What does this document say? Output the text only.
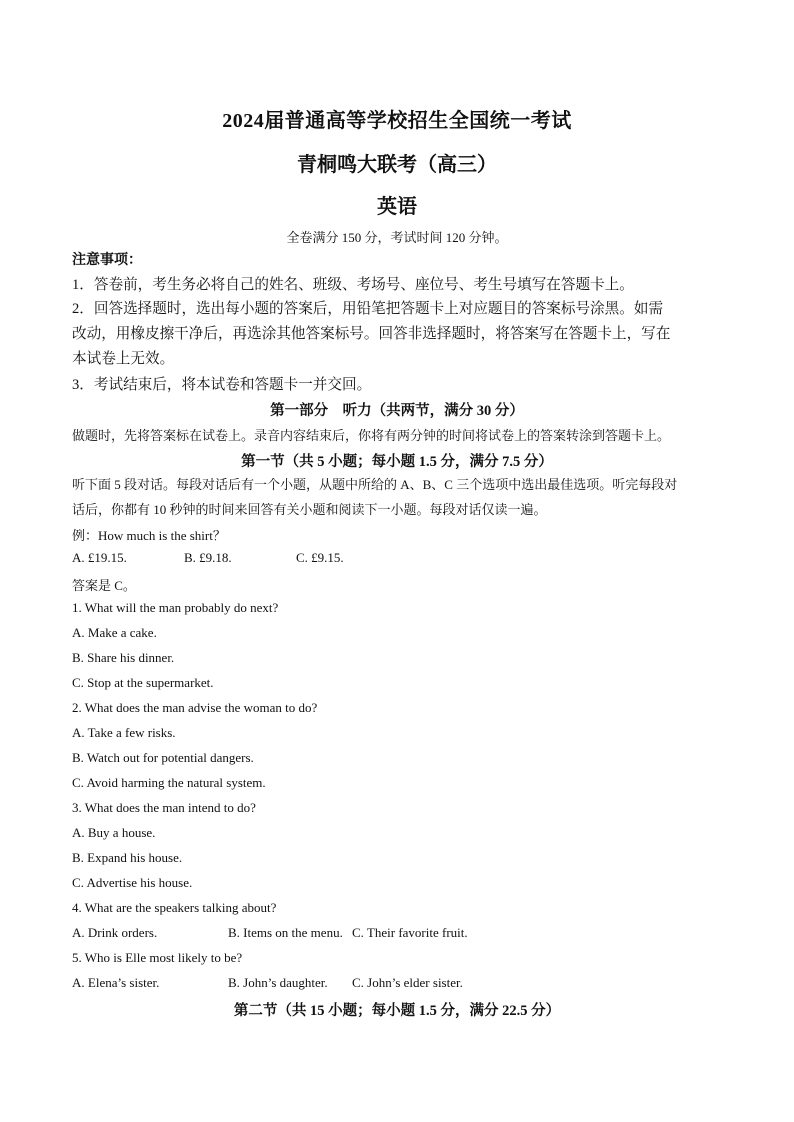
2024届普通高等学校招生全国统一考试
青桐鸣大联考（高三）
英语
全卷满分 150 分，考试时间 120 分钟。
注意事项：
1．答卷前，考生务必将自己的姓名、班级、考场号、座位号、考生号填写在答题卡上。
2．回答选择题时，选出每小题的答案后，用铅笔把答题卡上对应题目的答案标号涂黑。如需
改动，用橡皮擦干净后，再选涂其他答案标号。回答非选择题时，将答案写在答题卡上，写在
本试卷上无效。
3．考试结束后，将本试卷和答题卡一并交回。
第一部分　听力（共两节，满分 30 分）
做题时，先将答案标在试卷上。录音内容结束后，你将有两分钟的时间将试卷上的答案转涂到答题卡上。
第一节（共 5 小题；每小题 1.5 分，满分 7.5 分）
听下面 5 段对话。每段对话后有一个小题，从题中所给的 A、B、C 三个选项中选出最佳选项。听完每段对
话后，你都有 10 秒钟的时间来回答有关小题和阅读下一小题。每段对话仅读一遍。
例：How much is the shirt？
A. £19.15.	B. £9.18.	C. £9.15.
答案是 C。
1. What will the man probably do next?
A. Make a cake.
B. Share his dinner.
C. Stop at the supermarket.
2. What does the man advise the woman to do?
A. Take a few risks.
B. Watch out for potential dangers.
C. Avoid harming the natural system.
3. What does the man intend to do?
A. Buy a house.
B. Expand his house.
C. Advertise his house.
4. What are the speakers talking about?
A. Drink orders.	B. Items on the menu. C. Their favorite fruit.
5. Who is Elle most likely to be?
A. Elena’s sister.	B. John’s daughter. C. John’s elder sister.
第二节（共 15 小题；每小题 1.5 分，满分 22.5 分）
